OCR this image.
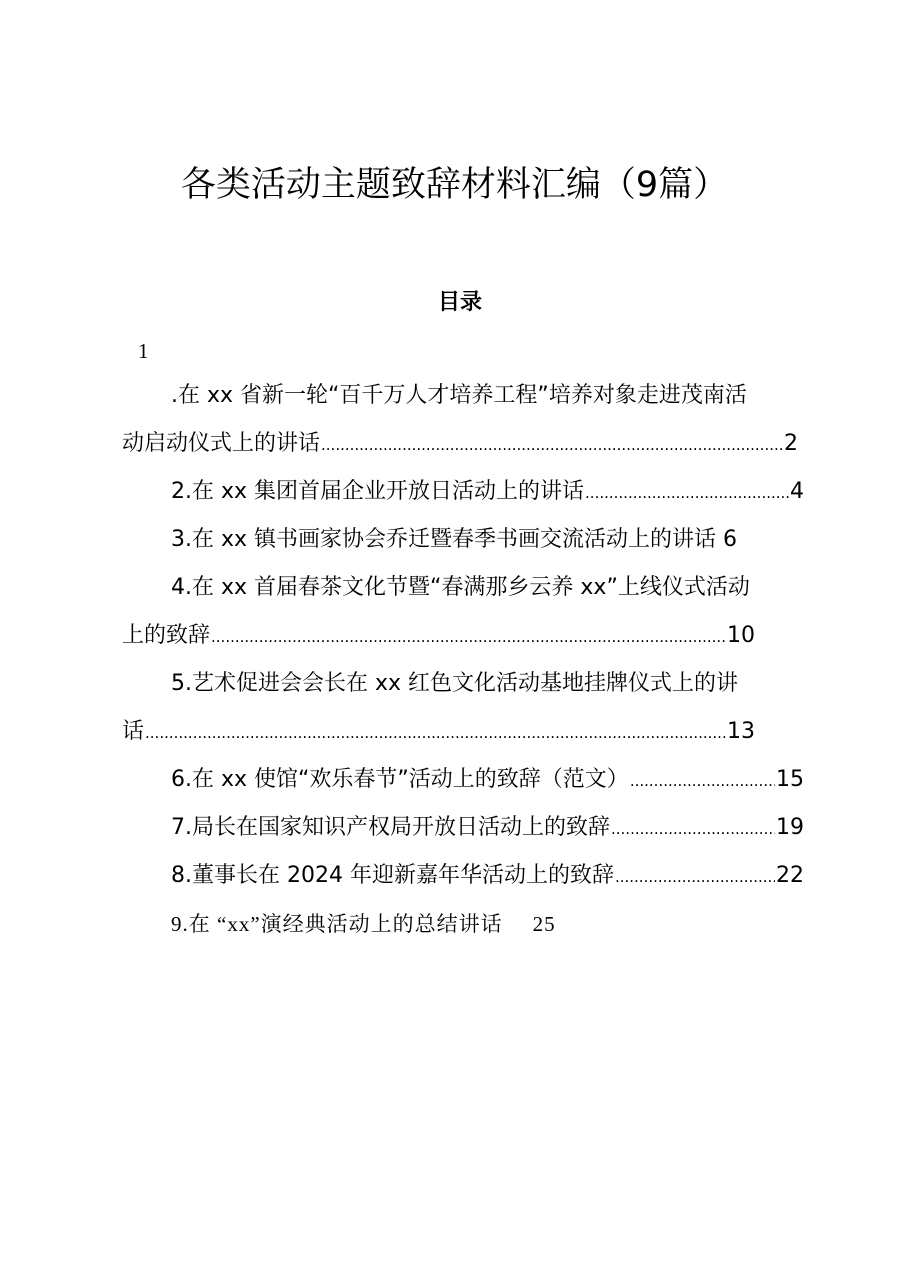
各类活动主题致辞材料汇编（9篇）
目录
1
.在 xx 省新一轮“百千万人才培养工程”培养对象走进茂南活
动启动仪式上的讲话 .....	2
2.在 xx 集团首届企业开放日活动上的讲话 .....	4
3.在 xx 镇书画家协会乔迁暨春季书画交流活动上的讲话 6
4.在 xx 首届春茶文化节暨“春满那乡云养 xx”上线仪式活动
上的致辞 .....	10
5.艺术促进会会长在 xx 红色文化活动基地挂牌仪式上的讲
话 .....	13
6.在 xx 使馆“欢乐春节”活动上的致辞（范文） .....	15
7.局长在国家知识产权局开放日活动上的致辞 .....	19
8.董事长在 2024 年迎新嘉年华活动上的致辞 .....	22
9.在 “xx”演经典活动上的总结讲话 25
